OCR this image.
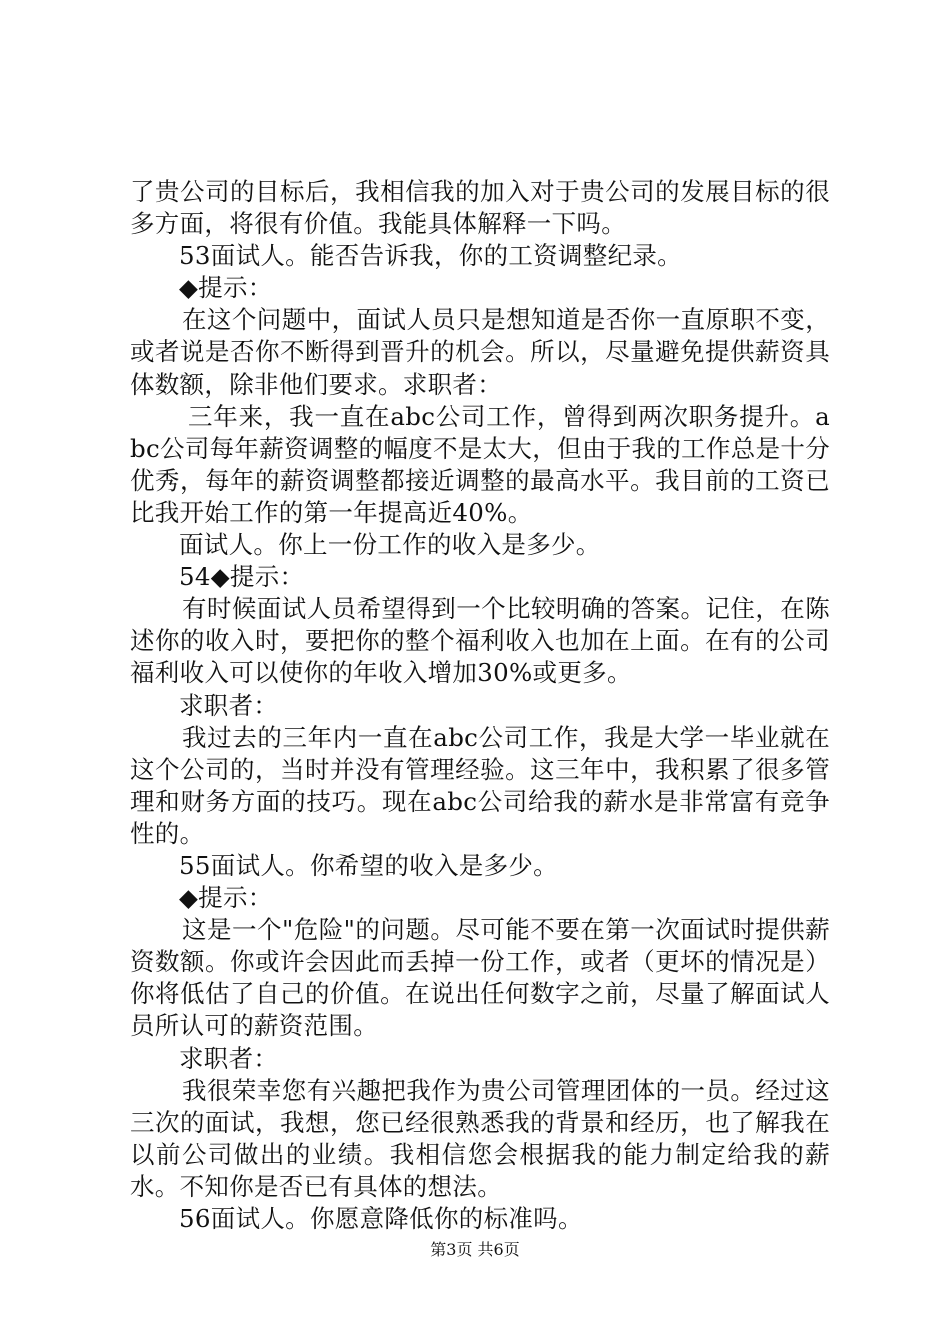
了贵公司的目标后，我相信我的加入对于贵公司的发展目标的很多方面，将很有价值。我能具体解释一下吗。

53面试人。能否告诉我，你的工资调整纪录。

◆提示：

在这个问题中，面试人员只是想知道是否你一直原职不变，或者说是否你不断得到晋升的机会。所以，尽量避免提供薪资具体数额，除非他们要求。求职者：

三年来，我一直在abc公司工作，曾得到两次职务提升。abc公司每年薪资调整的幅度不是太大，但由于我的工作总是十分优秀，每年的薪资调整都接近调整的最高水平。我目前的工资已比我开始工作的第一年提高近40%。

面试人。你上一份工作的收入是多少。

54◆提示：

有时候面试人员希望得到一个比较明确的答案。记住，在陈述你的收入时，要把你的整个福利收入也加在上面。在有的公司福利收入可以使你的年收入增加30%或更多。

求职者：

我过去的三年内一直在abc公司工作，我是大学一毕业就在这个公司的，当时并没有管理经验。这三年中，我积累了很多管理和财务方面的技巧。现在abc公司给我的薪水是非常富有竞争性的。

55面试人。你希望的收入是多少。

◆提示：

这是一个"危险"的问题。尽可能不要在第一次面试时提供薪资数额。你或许会因此而丢掉一份工作，或者（更坏的情况是）你将低估了自己的价值。在说出任何数字之前，尽量了解面试人员所认可的薪资范围。

求职者：

我很荣幸您有兴趣把我作为贵公司管理团体的一员。经过这三次的面试，我想，您已经很熟悉我的背景和经历，也了解我在以前公司做出的业绩。我相信您会根据我的能力制定给我的薪水。不知你是否已有具体的想法。

56面试人。你愿意降低你的标准吗。

第3页 共6页
